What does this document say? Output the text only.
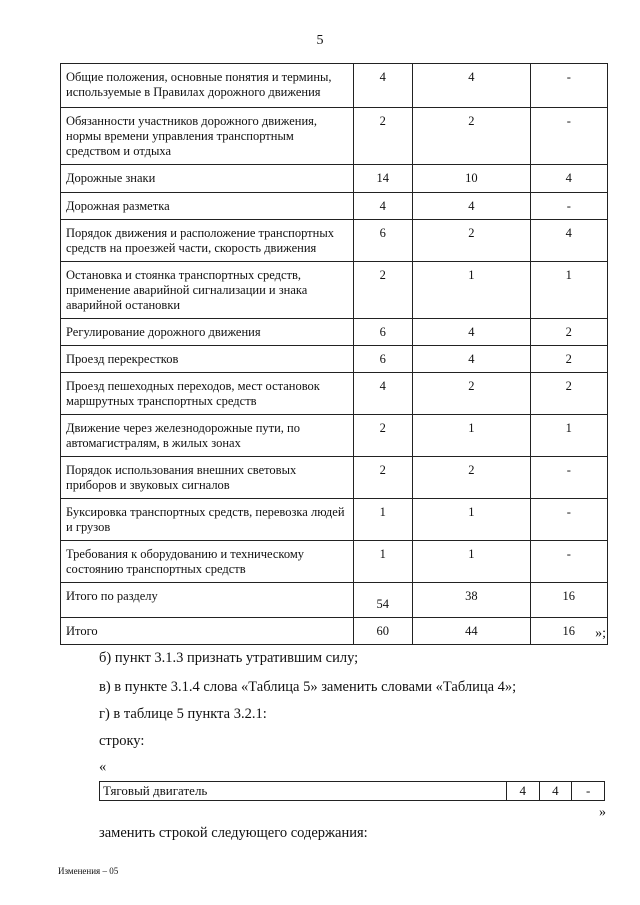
5
Общие положения, основные понятия и термины, используемые в Правилах дорожного движения	4	4	-
Обязанности участников дорожного движения, нормы времени управления транспортным средством и отдыха	2	2	-
Дорожные знаки	14	10	4
Дорожная разметка	4	4	-
Порядок движения и расположение транспортных средств на проезжей части, скорость движения	6	2	4
Остановка и стоянка транспортных средств, применение аварийной сигнализации и знака аварийной остановки	2	1	1
Регулирование дорожного движения	6	4	2
Проезд перекрестков	6	4	2
Проезд пешеходных переходов, мест остановок маршрутных транспортных средств	4	2	2
Движение через железнодорожные пути, по автомагистралям, в жилых зонах	2	1	1
Порядок использования внешних световых приборов и звуковых сигналов	2	2	-
Буксировка транспортных средств, перевозка людей и грузов	1	1	-
Требования к оборудованию и техническому состоянию транспортных средств	1	1	-
Итого по разделу	54	38	16
Итого	60	44	16 »;
б) пункт 3.1.3 признать утратившим силу;
в) в пункте 3.1.4 слова «Таблица 5» заменить словами «Таблица 4»;
г) в таблице 5 пункта 3.2.1:
строку:
«
Тяговый двигатель	4	4	-
»
заменить строкой следующего содержания:
Изменения – 05
